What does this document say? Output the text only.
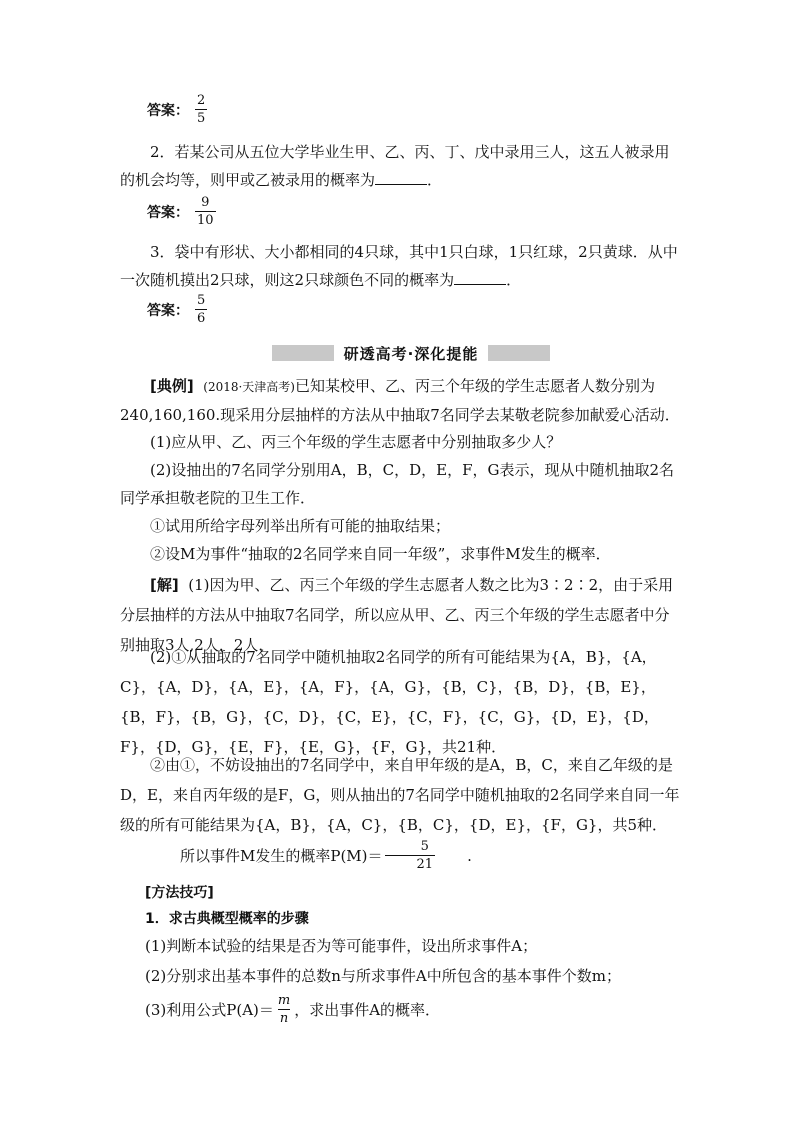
答案： $\frac{2}{5}$
2．若某公司从五位大学毕业生甲、乙、丙、丁、戊中录用三人，这五人被录用的机会均等，则甲或乙被录用的概率为	．
答案： $\frac{9}{10}$
3．袋中有形状、大小都相同的4只球，其中1只白球，1只红球，2只黄球．从中一次随机摸出2只球，则这2只球颜色不同的概率为	．
答案： $\frac{5}{6}$
研透高考·深化提能
[典例] (2018·天津高考)已知某校甲、乙、丙三个年级的学生志愿者人数分别为240,160,160.现采用分层抽样的方法从中抽取7名同学去某敬老院参加献爱心活动．
(1)应从甲、乙、丙三个年级的学生志愿者中分别抽取多少人？
(2)设抽出的7名同学分别用A，B，C，D，E，F，G表示，现从中随机抽取2名同学承担敬老院的卫生工作．
①试用所给字母列举出所有可能的抽取结果；
②设M为事件“抽取的2名同学来自同一年级”，求事件M发生的概率．
[解] (1)因为甲、乙、丙三个年级的学生志愿者人数之比为3∶2∶2，由于采用分层抽样的方法从中抽取7名同学，所以应从甲、乙、丙三个年级的学生志愿者中分别抽取3人,2人，2人．
(2)①从抽取的7名同学中随机抽取2名同学的所有可能结果为{A，B}，{A，C}，{A，D}，{A，E}，{A，F}，{A，G}，{B，C}，{B，D}，{B，E}，{B，F}，{B，G}，{C，D}，{C，E}，{C，F}，{C，G}，{D，E}，{D，F}，{D，G}，{E，F}，{E，G}，{F，G}，共21种．
②由①，不妨设抽出的7名同学中，来自甲年级的是A，B，C，来自乙年级的是D，E，来自丙年级的是F，G，则从抽出的7名同学中随机抽取的2名同学来自同一年级的所有可能结果为{A，B}，{A，C}，{B，C}，{D，E}，{F，G}，共5种．
所以事件M发生的概率$P(M)= \frac{5}{21}$	.
[方法技巧]
1．求古典概型概率的步骤
(1)判断本试验的结果是否为等可能事件，设出所求事件A；
(2)分别求出基本事件的总数n与所求事件A中所包含的基本事件个数m；
(3)利用公式$P(A)= \frac{m}{n}$ ，求出事件A的概率．
